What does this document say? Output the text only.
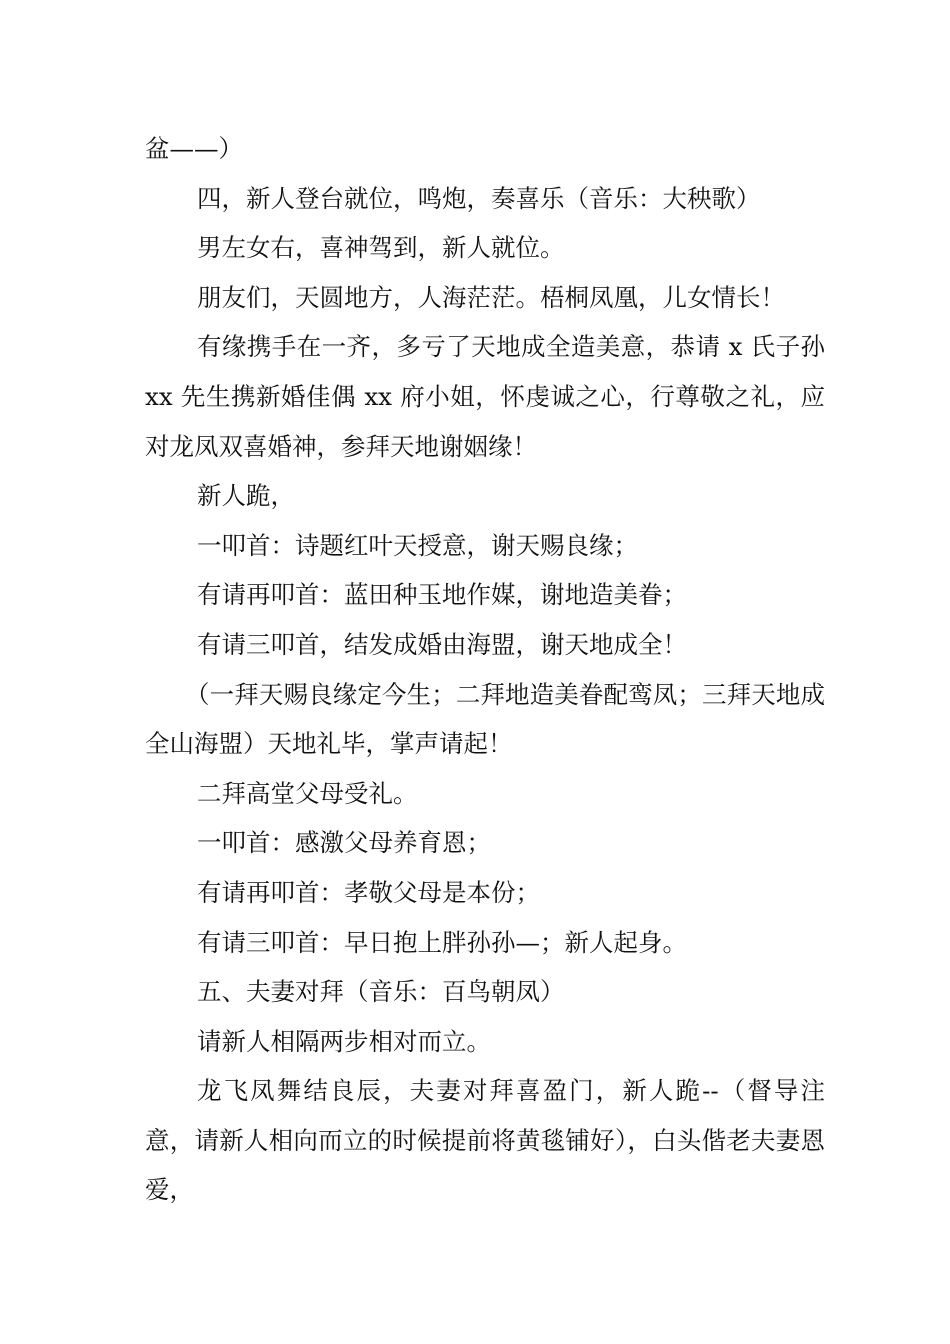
盆——）

四，新人登台就位，鸣炮，奏喜乐（音乐：大秧歌）

男左女右，喜神驾到，新人就位。

朋友们，天圆地方，人海茫茫。梧桐凤凰，儿女情长！

有缘携手在一齐，多亏了天地成全造美意，恭请 x 氏子孙 xx 先生携新婚佳偶 xx 府小姐，怀虔诚之心，行尊敬之礼，应对龙凤双喜婚神，参拜天地谢姻缘！

新人跪，

一叩首：诗题红叶天授意，谢天赐良缘；

有请再叩首：蓝田种玉地作媒，谢地造美眷；

有请三叩首，结发成婚由海盟，谢天地成全！

（一拜天赐良缘定今生；二拜地造美眷配鸾凤；三拜天地成全山海盟）天地礼毕，掌声请起！

二拜高堂父母受礼。

一叩首：感激父母养育恩；

有请再叩首：孝敬父母是本份；

有请三叩首：早日抱上胖孙孙—；新人起身。

五、夫妻对拜（音乐：百鸟朝凤）

请新人相隔两步相对而立。

龙飞凤舞结良辰，夫妻对拜喜盈门，新人跪--（督导注意，请新人相向而立的时候提前将黄毯铺好），白头偕老夫妻恩爱，
